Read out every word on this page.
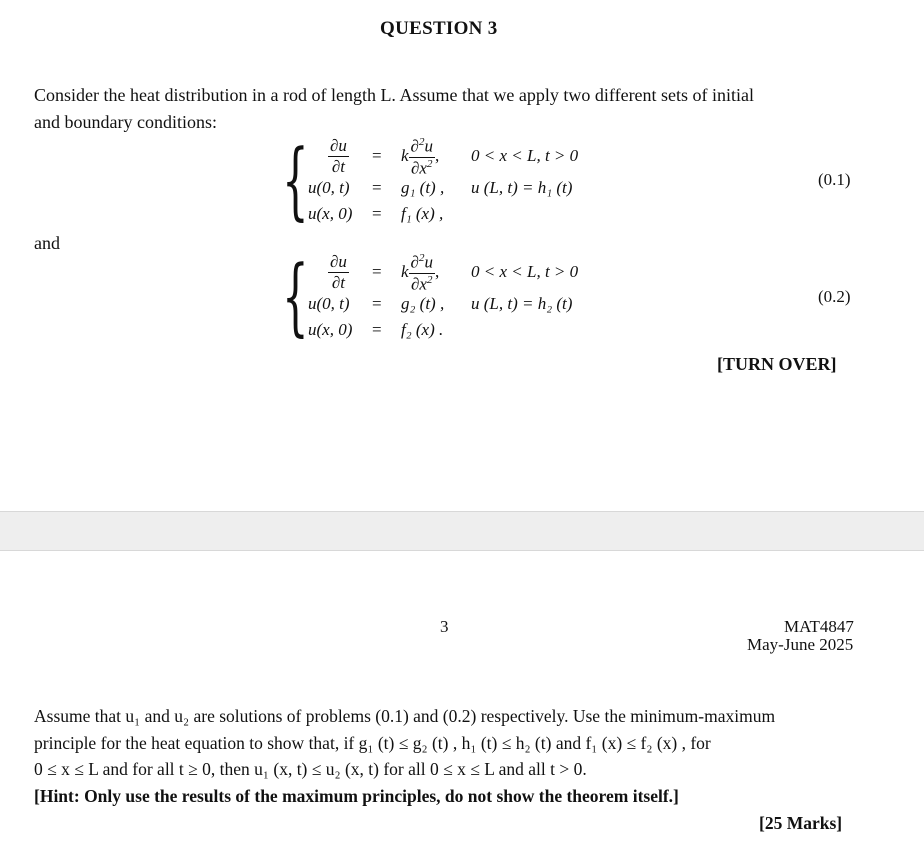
QUESTION 3
Consider the heat distribution in a rod of length L. Assume that we apply two different sets of initial
and boundary conditions:
{ $\frac{\partial u}{\partial t} = k \frac{\partial^2u}{\partial x^2}$ , 0 < x < L, t > 0
u(0, t) = g₁ (t) , u (L, t) = h₁ (t)
u(x, 0) = f₁ (x) ,
(0.1)
and
{ $\frac{\partial u}{\partial t} = k \frac{\partial^2u}{\partial x^2}$ , 0 < x < L, t > 0
u(0, t) = g₂ (t) , u (L, t) = h₂ (t)
u(x, 0) = f₂ (x) .
(0.2)
[TURN OVER]
3	MAT4847
May-June 2025
Assume that u₁ and u₂ are solutions of problems (0.1) and (0.2) respectively. Use the minimum-maximum
principle for the heat equation to show that, if g₁ (t) ≤ g₂ (t) , h₁ (t) ≤ h₂ (t) and f₁ (x) ≤ f₂ (x) , for
0 ≤ x ≤ L and for all t ≥ 0, then u₁ (x, t) ≤ u₂ (x, t) for all 0 ≤ x ≤ L and all t > 0.
[Hint: Only use the results of the maximum principles, do not show the theorem itself.]
[25 Marks]
